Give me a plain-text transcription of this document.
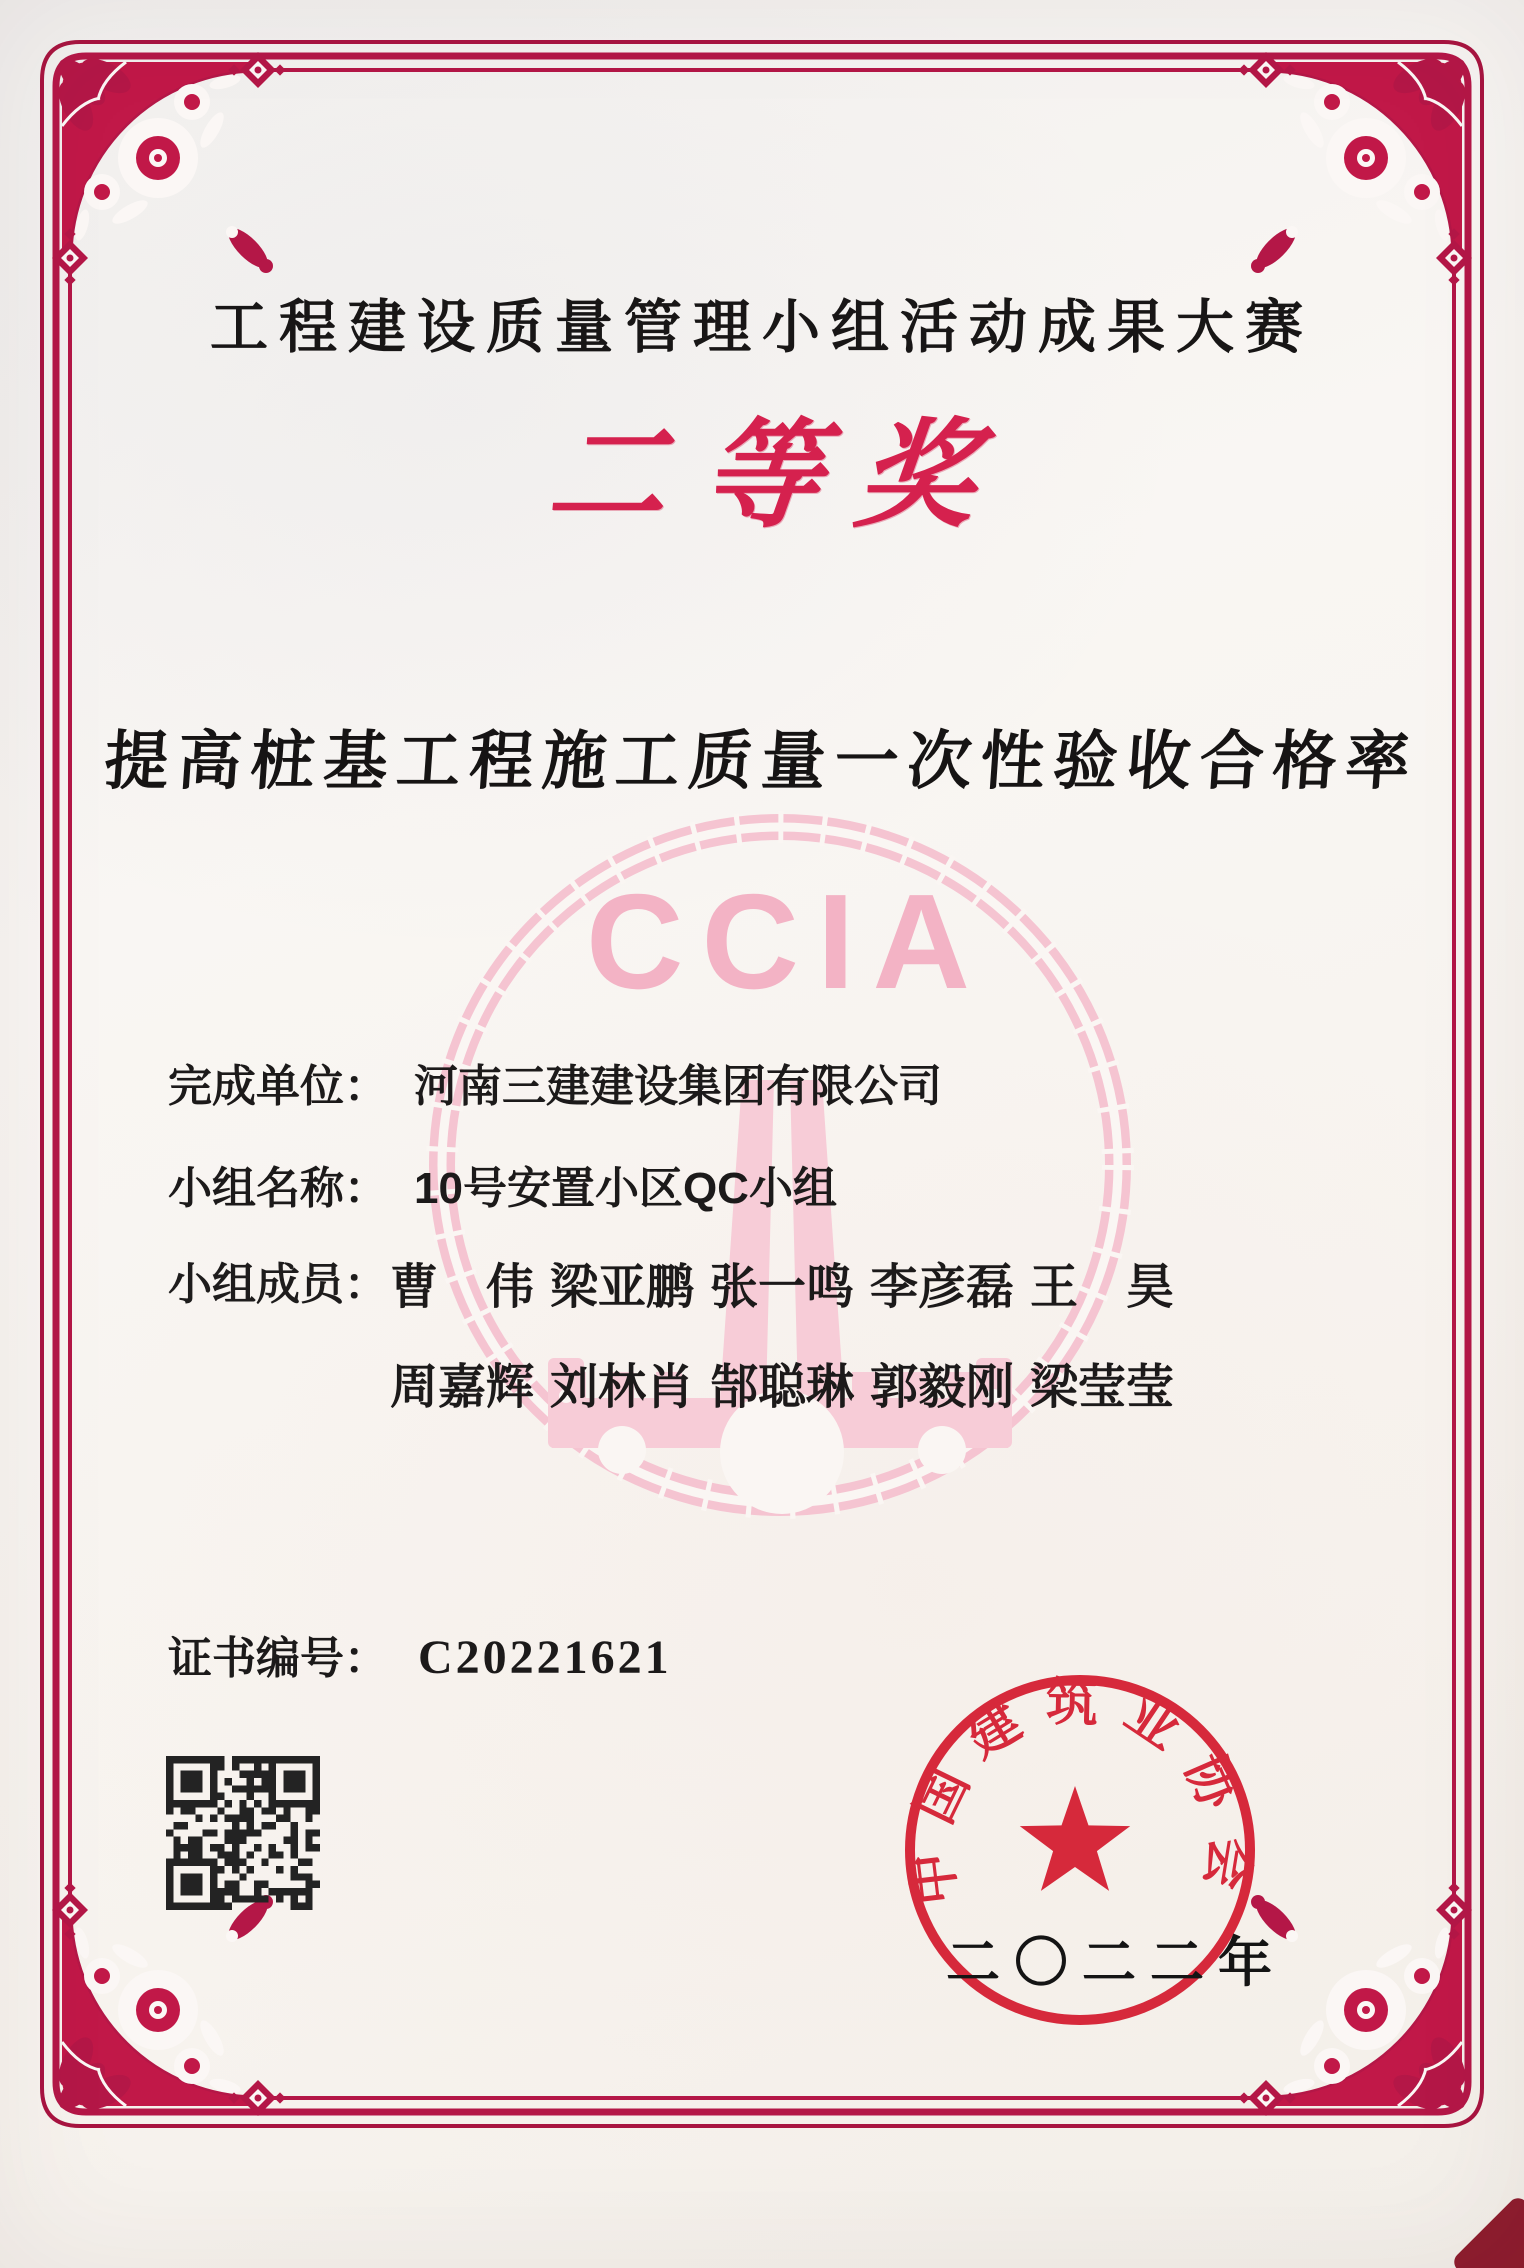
CCIA
工程建设质量管理小组活动成果大赛
二 等 奖
提高桩基工程施工质量一次性验收合格率
完成单位： 河南三建建设集团有限公司
小组名称： 10号安置小区QC小组
小组成员： 曹　伟 梁亚鹏 张一鸣 李彦磊 王　昊
周嘉辉 刘林肖 郜聪琳 郭毅刚 梁莹莹
证书编号： C20221621
中国建筑业协会
二〇二二年
